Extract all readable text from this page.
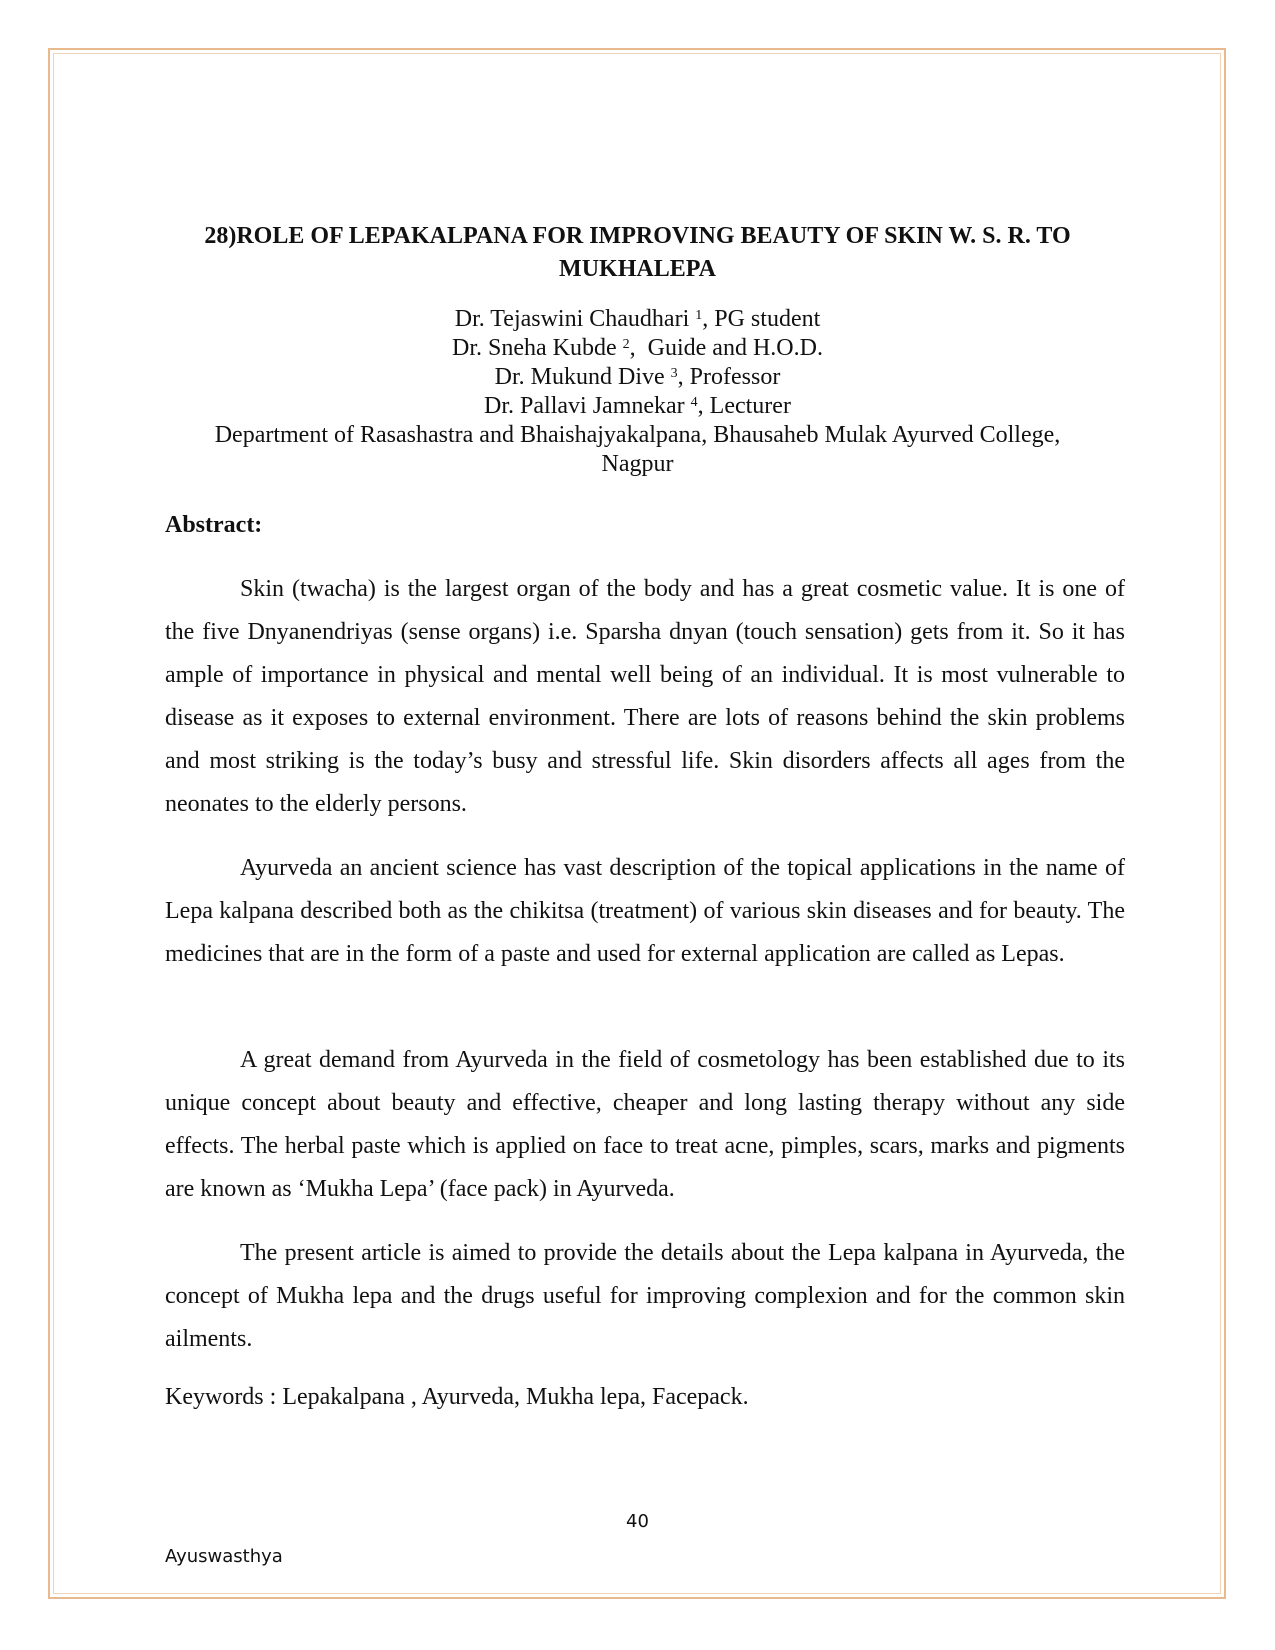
28)ROLE OF LEPAKALPANA FOR IMPROVING BEAUTY OF SKIN W. S. R. TO MUKHALEPA
Dr. Tejaswini Chaudhari $^1$, PG student
Dr. Sneha Kubde $^2$,  Guide and H.O.D.
Dr. Mukund Dive $^3$, Professor
Dr. Pallavi Jamnekar $^4$, Lecturer
Department of Rasashastra and Bhaishajyakalpana, Bhausaheb Mulak Ayurved College, Nagpur
Abstract:
Skin (twacha) is the largest organ of the body and has a great cosmetic value. It is one of the five Dnyanendriyas (sense organs) i.e. Sparsha dnyan (touch sensation) gets from it. So it has ample of importance in physical and mental well being of an individual. It is most vulnerable to disease as it exposes to external environment. There are lots of reasons behind the skin problems and most striking is the today’s busy and stressful life. Skin disorders affects all ages from the neonates to the elderly persons.
Ayurveda an ancient science has vast description of the topical applications in the name of Lepa kalpana described both as the chikitsa (treatment) of various skin diseases and for beauty. The medicines that are in the form of a paste and used for external application are called as Lepas.
A great demand from Ayurveda in the field of cosmetology has been established due to its unique concept about beauty and effective, cheaper and long lasting therapy without any side effects. The herbal paste which is applied on face to treat acne, pimples, scars, marks and pigments are known as ‘Mukha Lepa’ (face pack) in Ayurveda.
The present article is aimed to provide the details about the Lepa kalpana in Ayurveda, the concept of Mukha lepa and the drugs useful for improving complexion and for the common skin ailments.
Keywords : Lepakalpana , Ayurveda, Mukha lepa, Facepack.
40
Ayuswasthya
